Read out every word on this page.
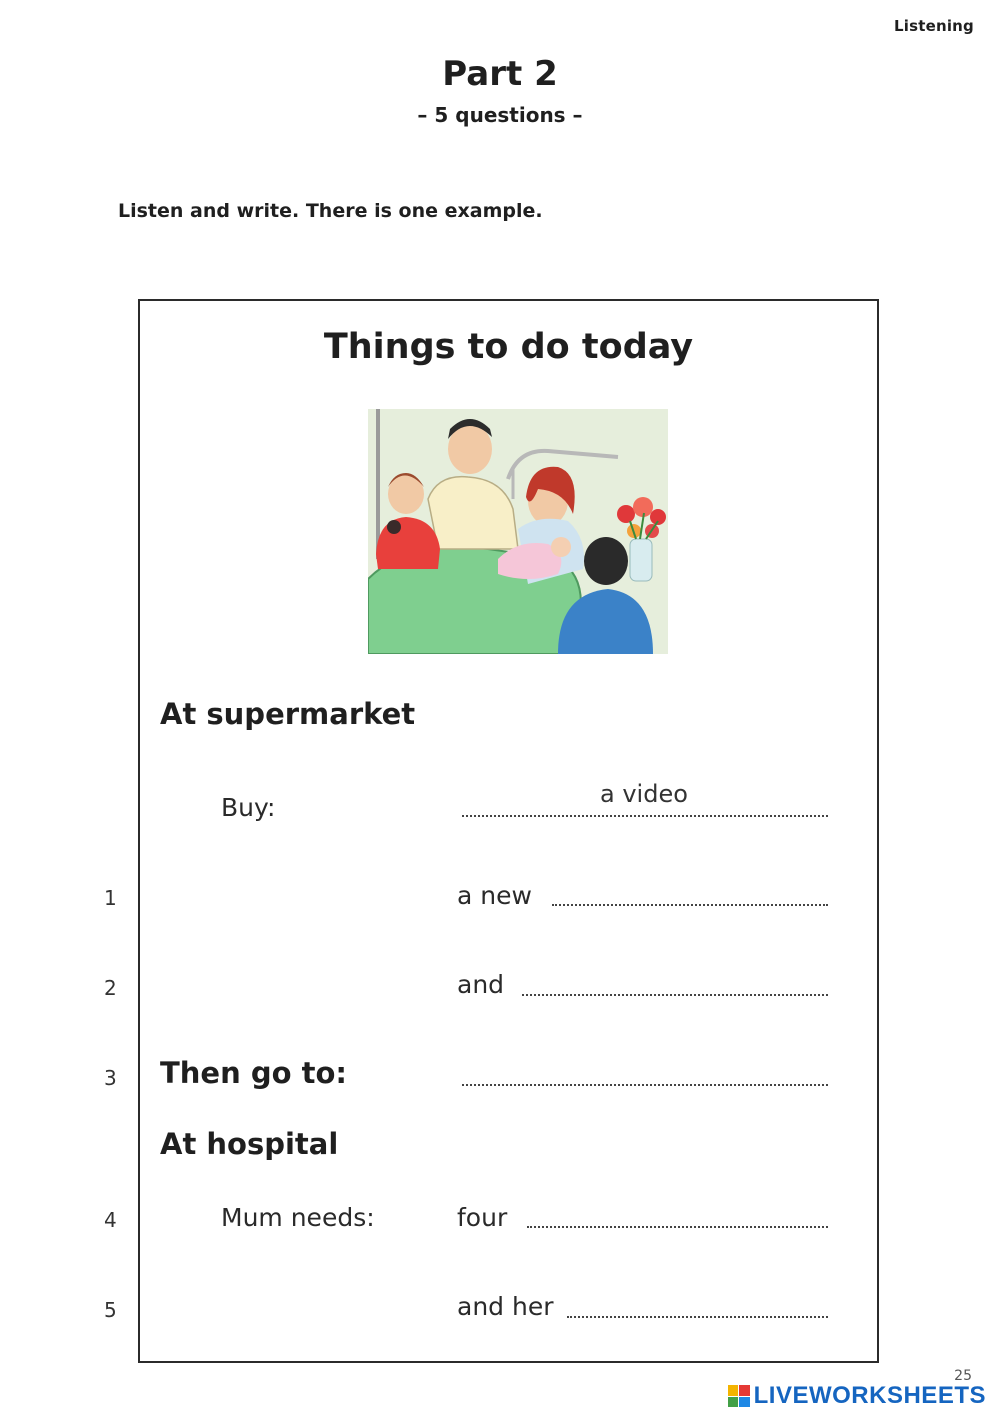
Listening
Part 2
– 5 questions –
Listen and write. There is one example.
Things to do today
At supermarket
Buy:	a video
1	a new
2	and
3 Then go to:
At hospital
4	Mum needs:	four
5	and her
25
LIVEWORKSHEETS
